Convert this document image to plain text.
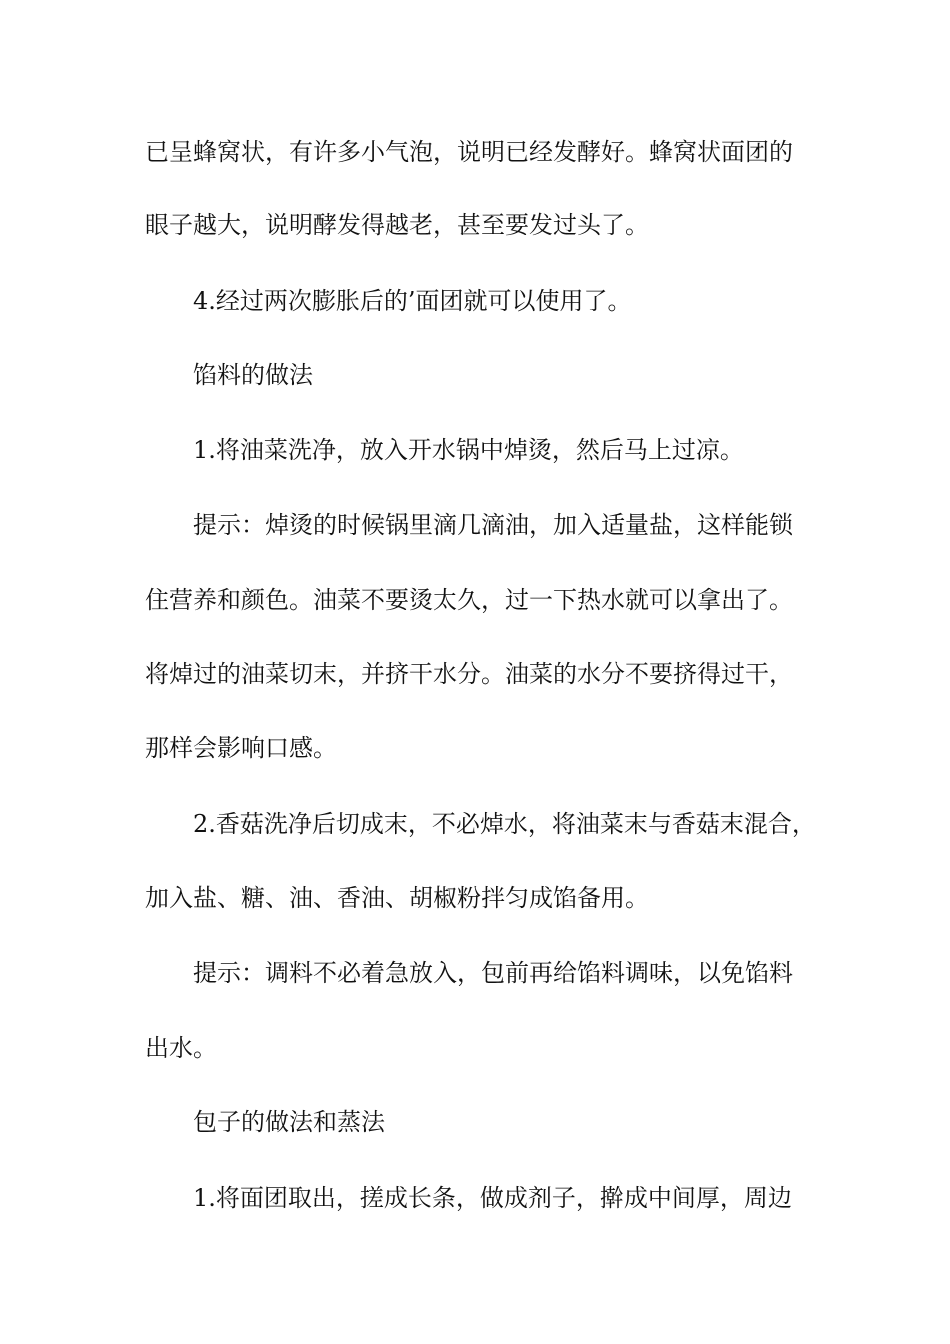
已呈蜂窝状，有许多小气泡，说明已经发酵好。蜂窝状面团的

眼子越大，说明酵发得越老，甚至要发过头了。

4.经过两次膨胀后的’面团就可以使用了。

馅料的做法

1.将油菜洗净，放入开水锅中焯烫，然后马上过凉。

提示：焯烫的时候锅里滴几滴油，加入适量盐，这样能锁

住营养和颜色。油菜不要烫太久，过一下热水就可以拿出了。

将焯过的油菜切末，并挤干水分。油菜的水分不要挤得过干，

那样会影响口感。

2.香菇洗净后切成末，不必焯水，将油菜末与香菇末混合，

加入盐、糖、油、香油、胡椒粉拌匀成馅备用。

提示：调料不必着急放入，包前再给馅料调味，以免馅料

出水。

包子的做法和蒸法

1.将面团取出，搓成长条，做成剂子，擀成中间厚，周边
